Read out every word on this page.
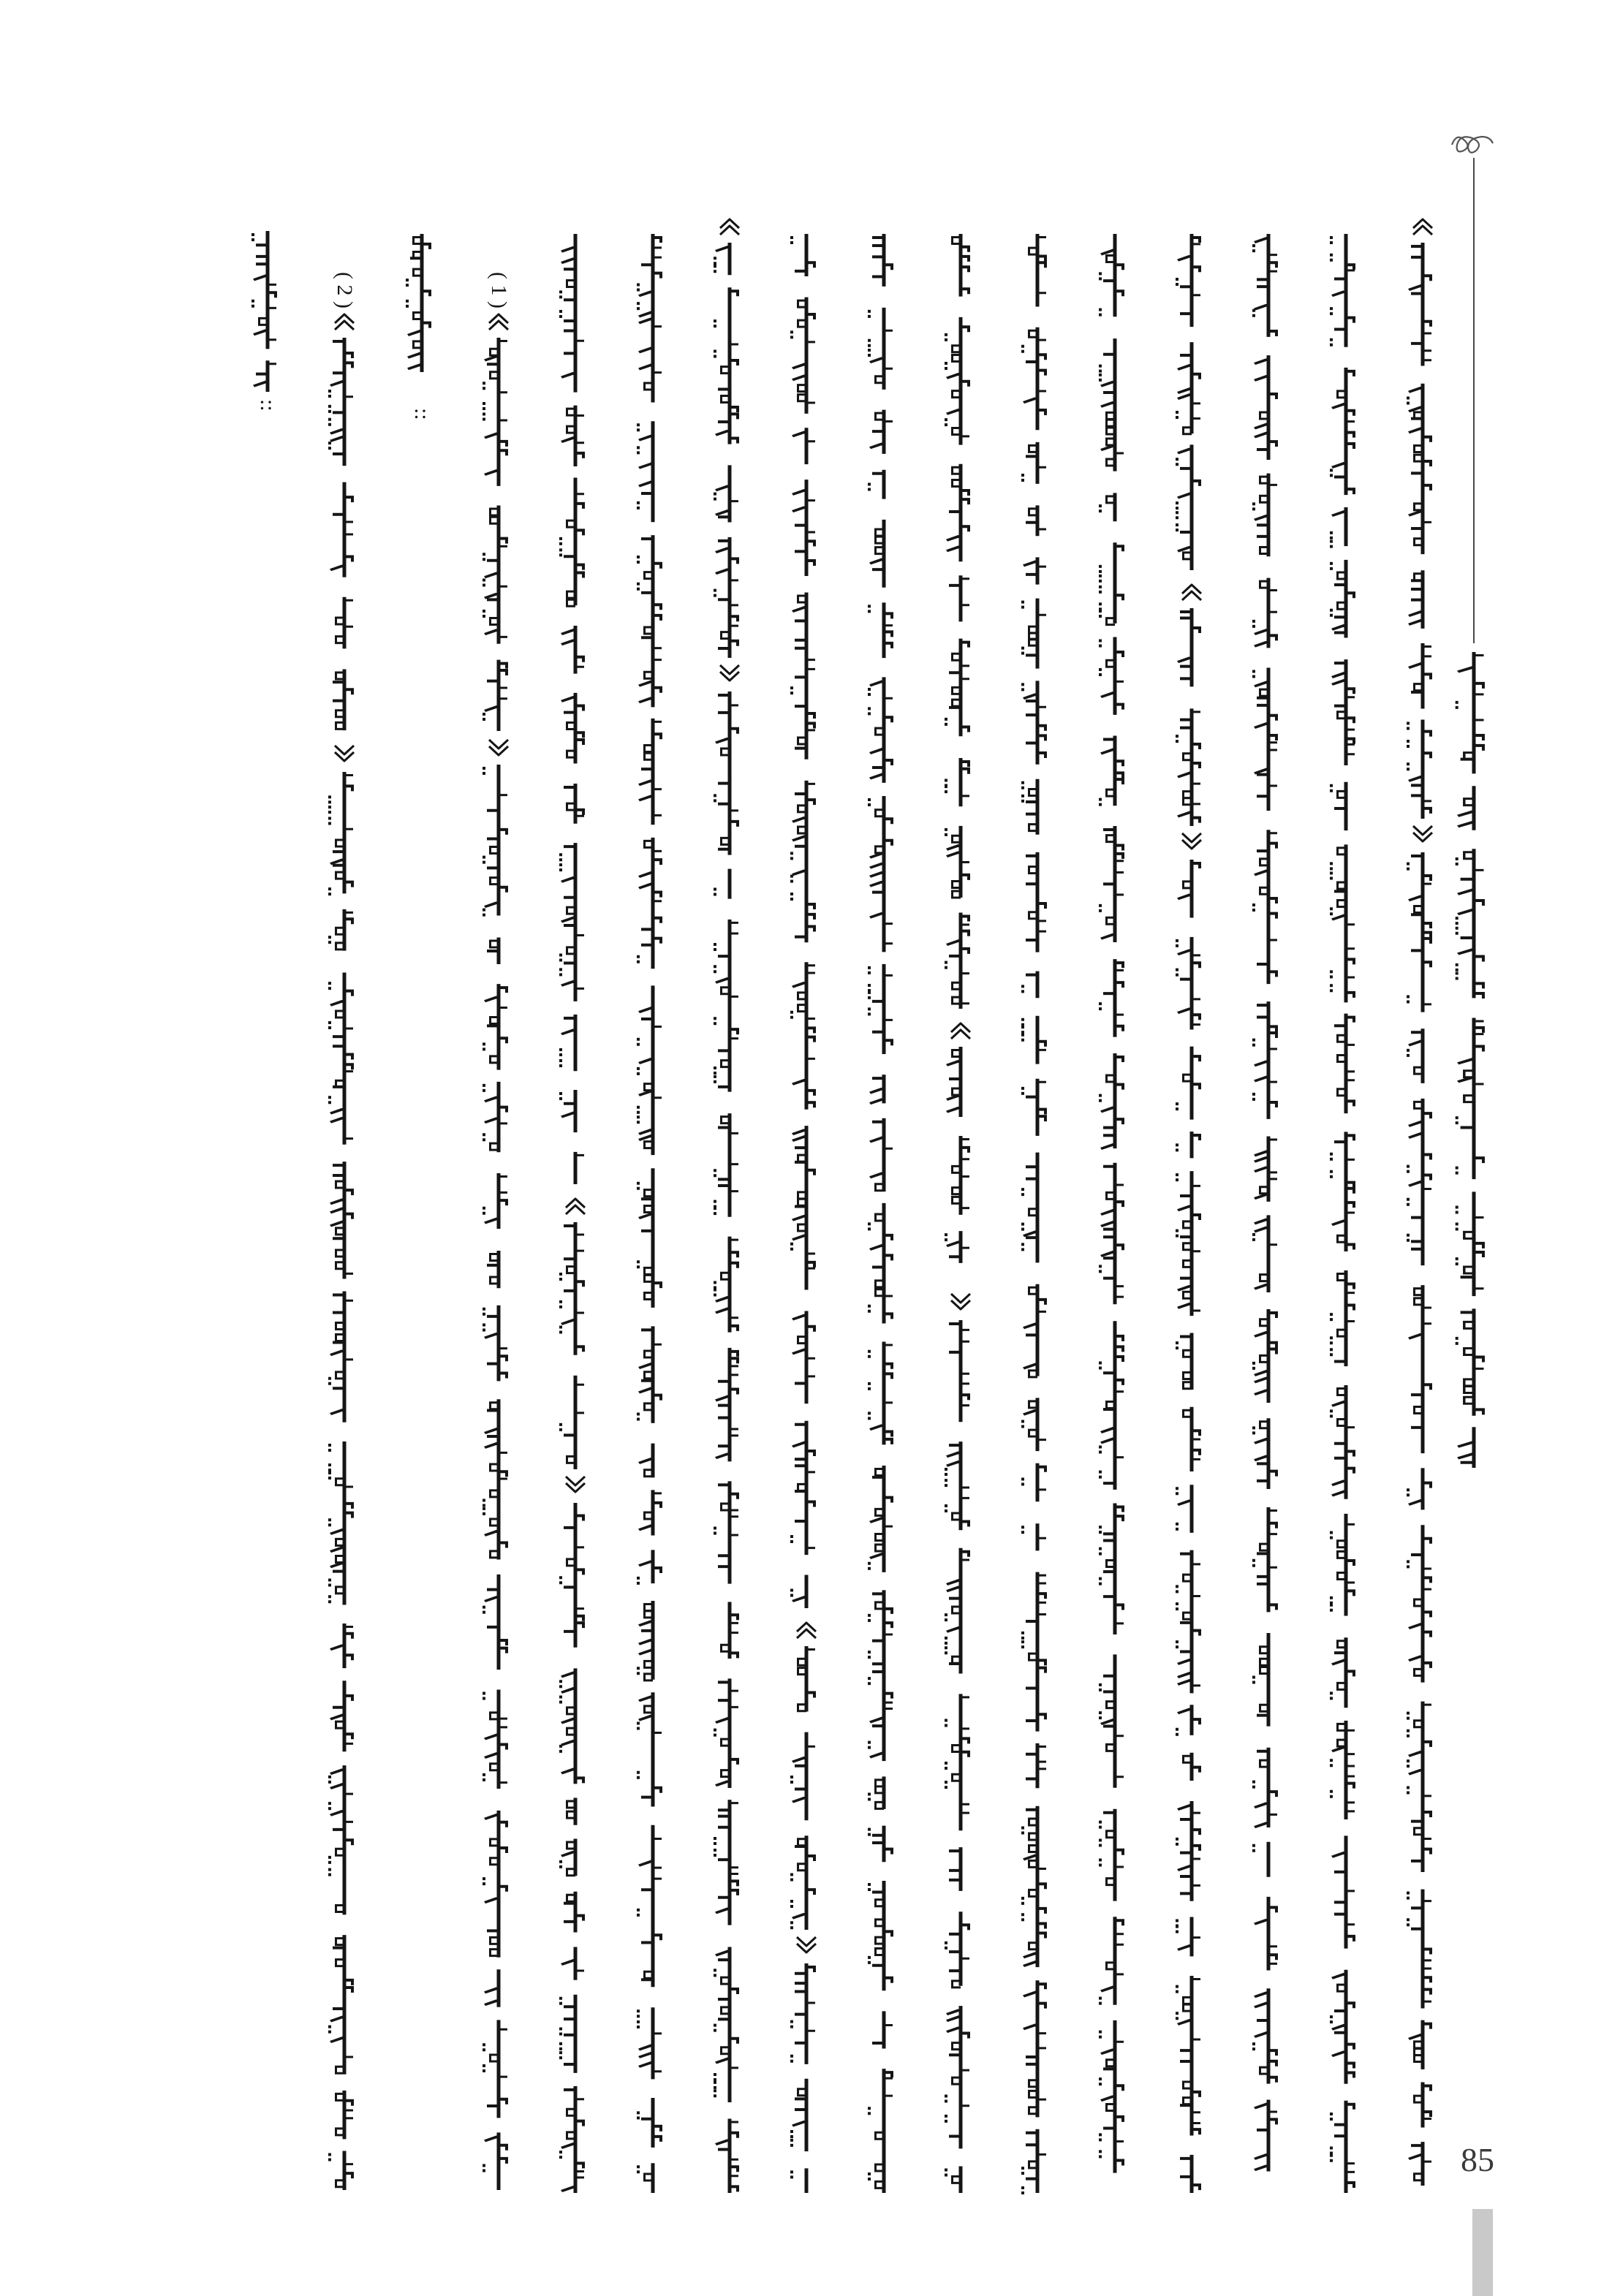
( 2 )	( 1 )
::
::
85
